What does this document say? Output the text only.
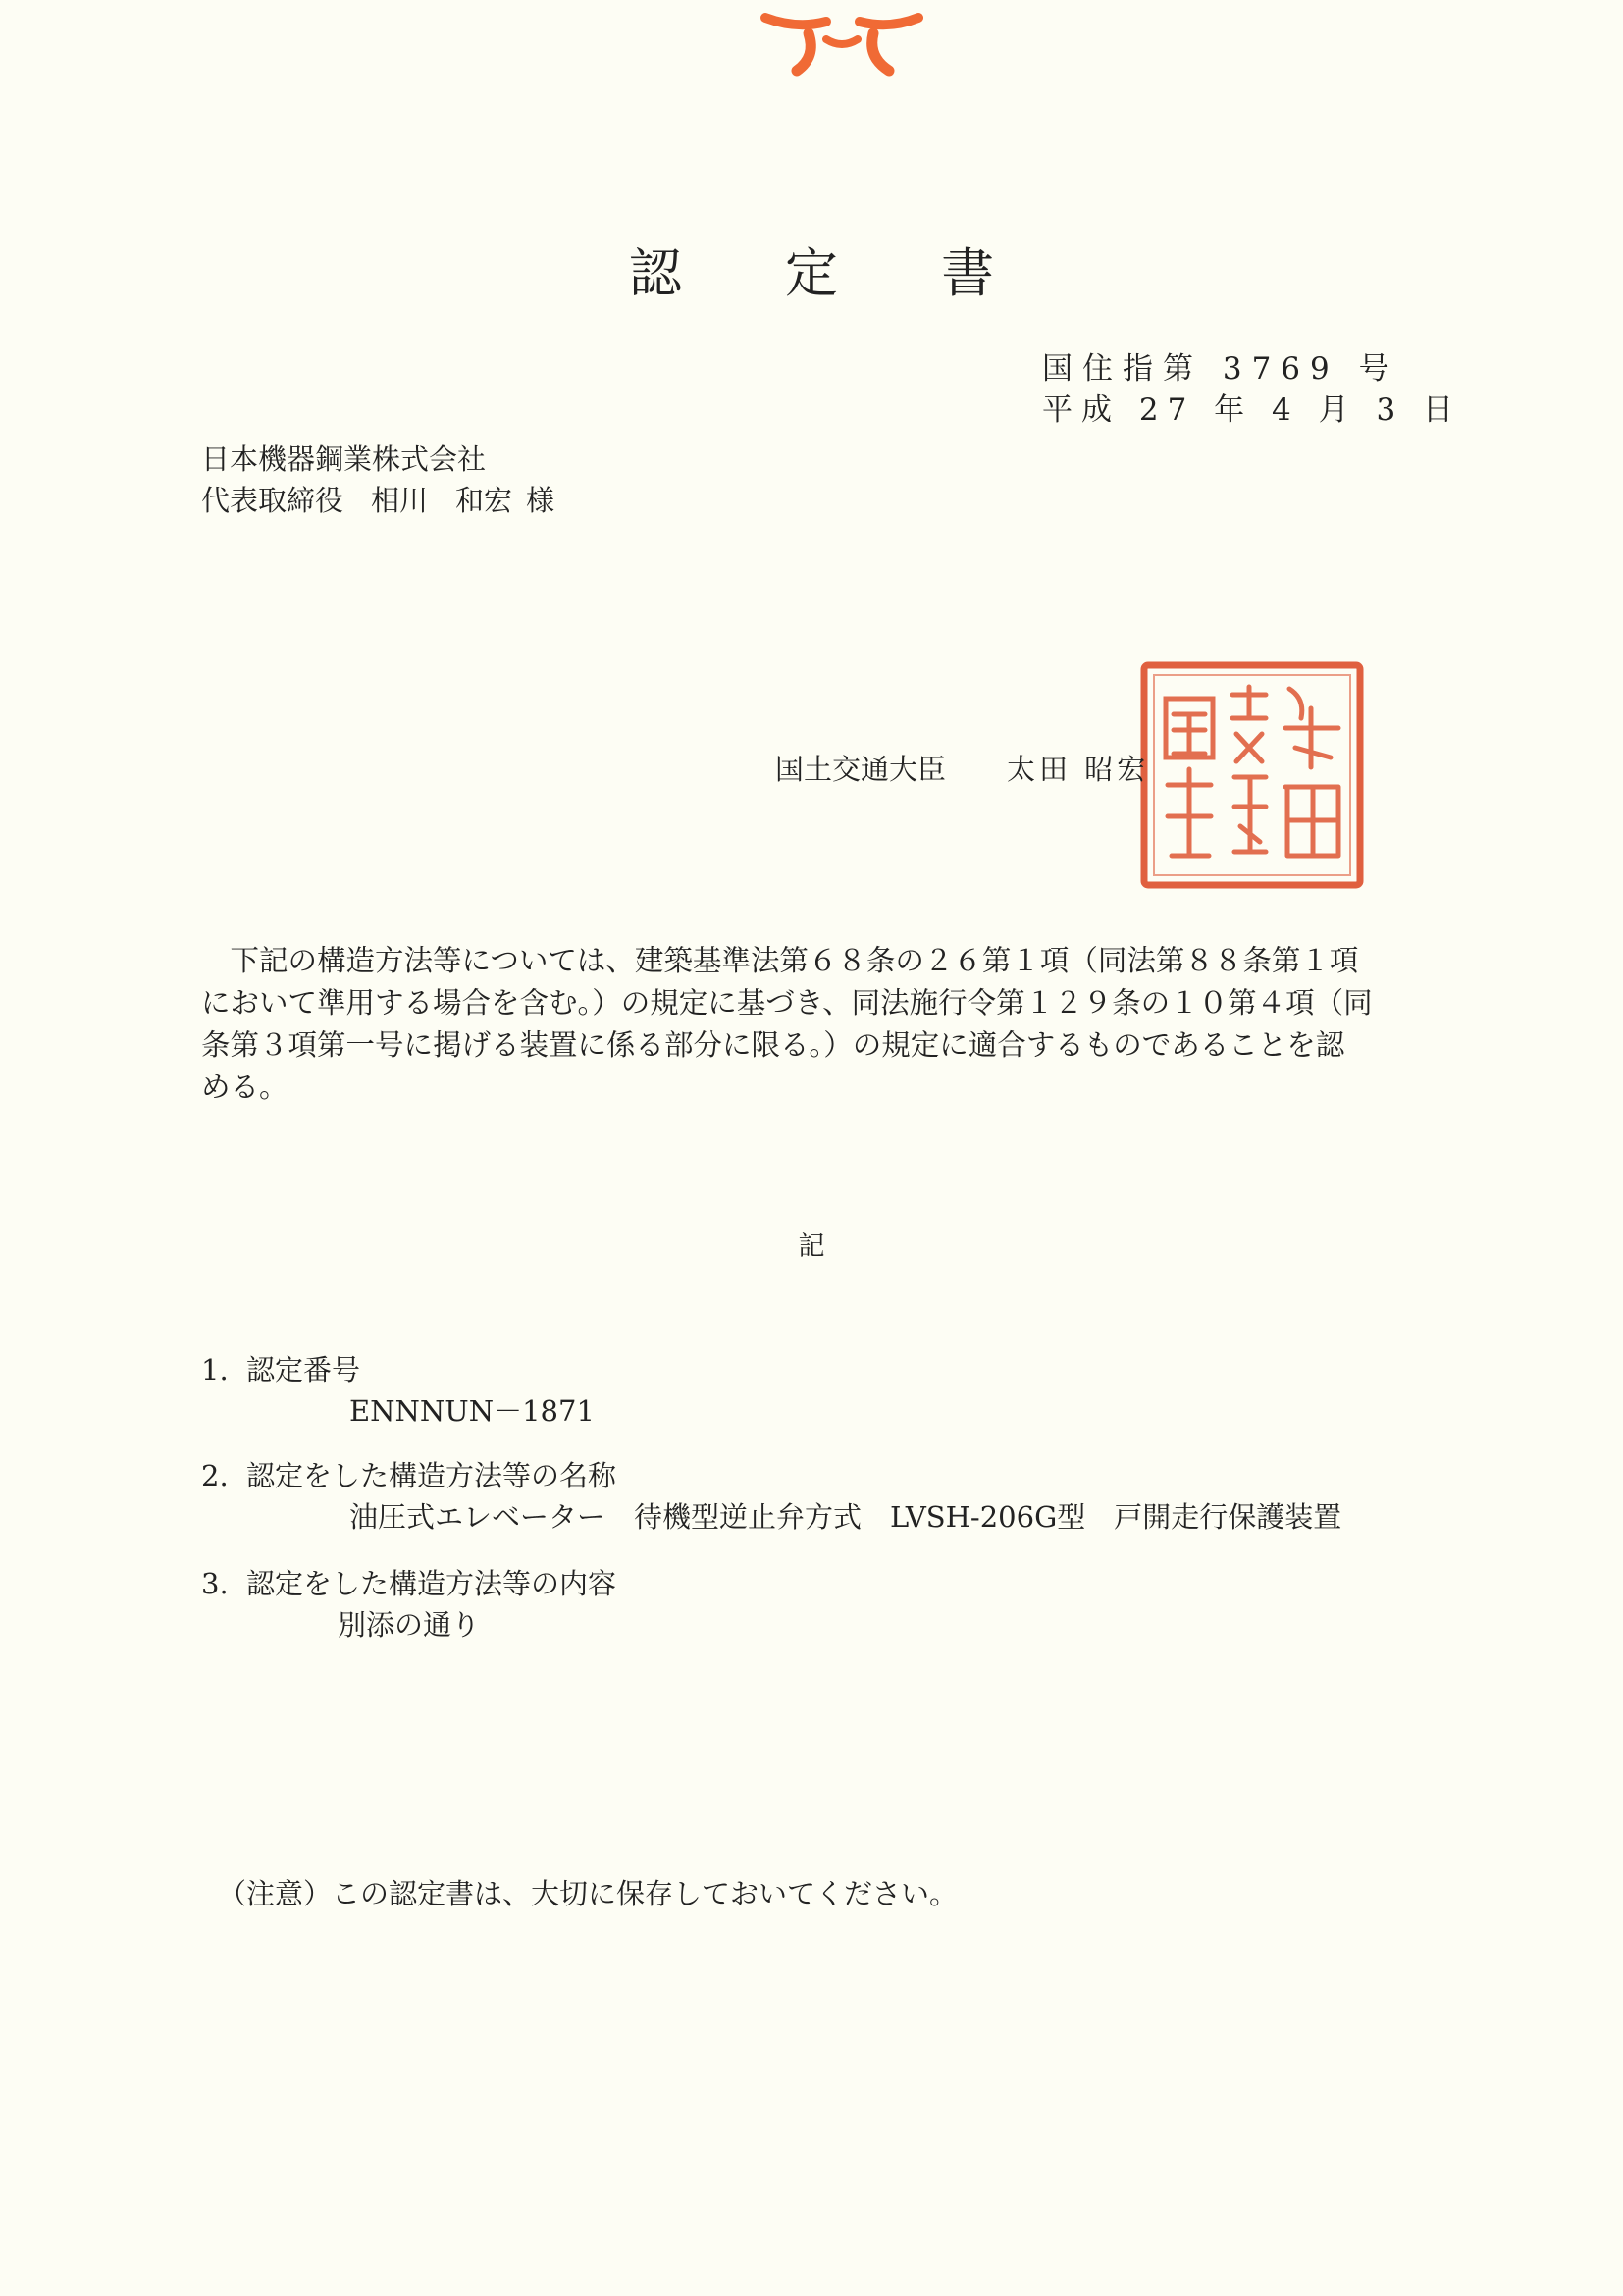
認 定 書
国住指第 3769 号
平成 27 年 4 月 3 日
日本機器鋼業株式会社
代表取締役 相川 和宏 様
国土交通大臣 太田 昭宏

　下記の構造方法等については、建築基準法第６８条の２６第１項（同法第８８条第１項

において準用する場合を含む。）の規定に基づき、同法施行令第１２９条の１０第４項（同

条第３項第一号に掲げる装置に係る部分に限る。）の規定に適合するものであることを認

める。

記
1. 認定番号
ENNNUN－1871
2. 認定をした構造方法等の名称
油圧式エレベーター　待機型逆止弁方式　LVSH-206G型　戸開走行保護装置
3. 認定をした構造方法等の内容
別添の通り
（注意）この認定書は、大切に保存しておいてください。
